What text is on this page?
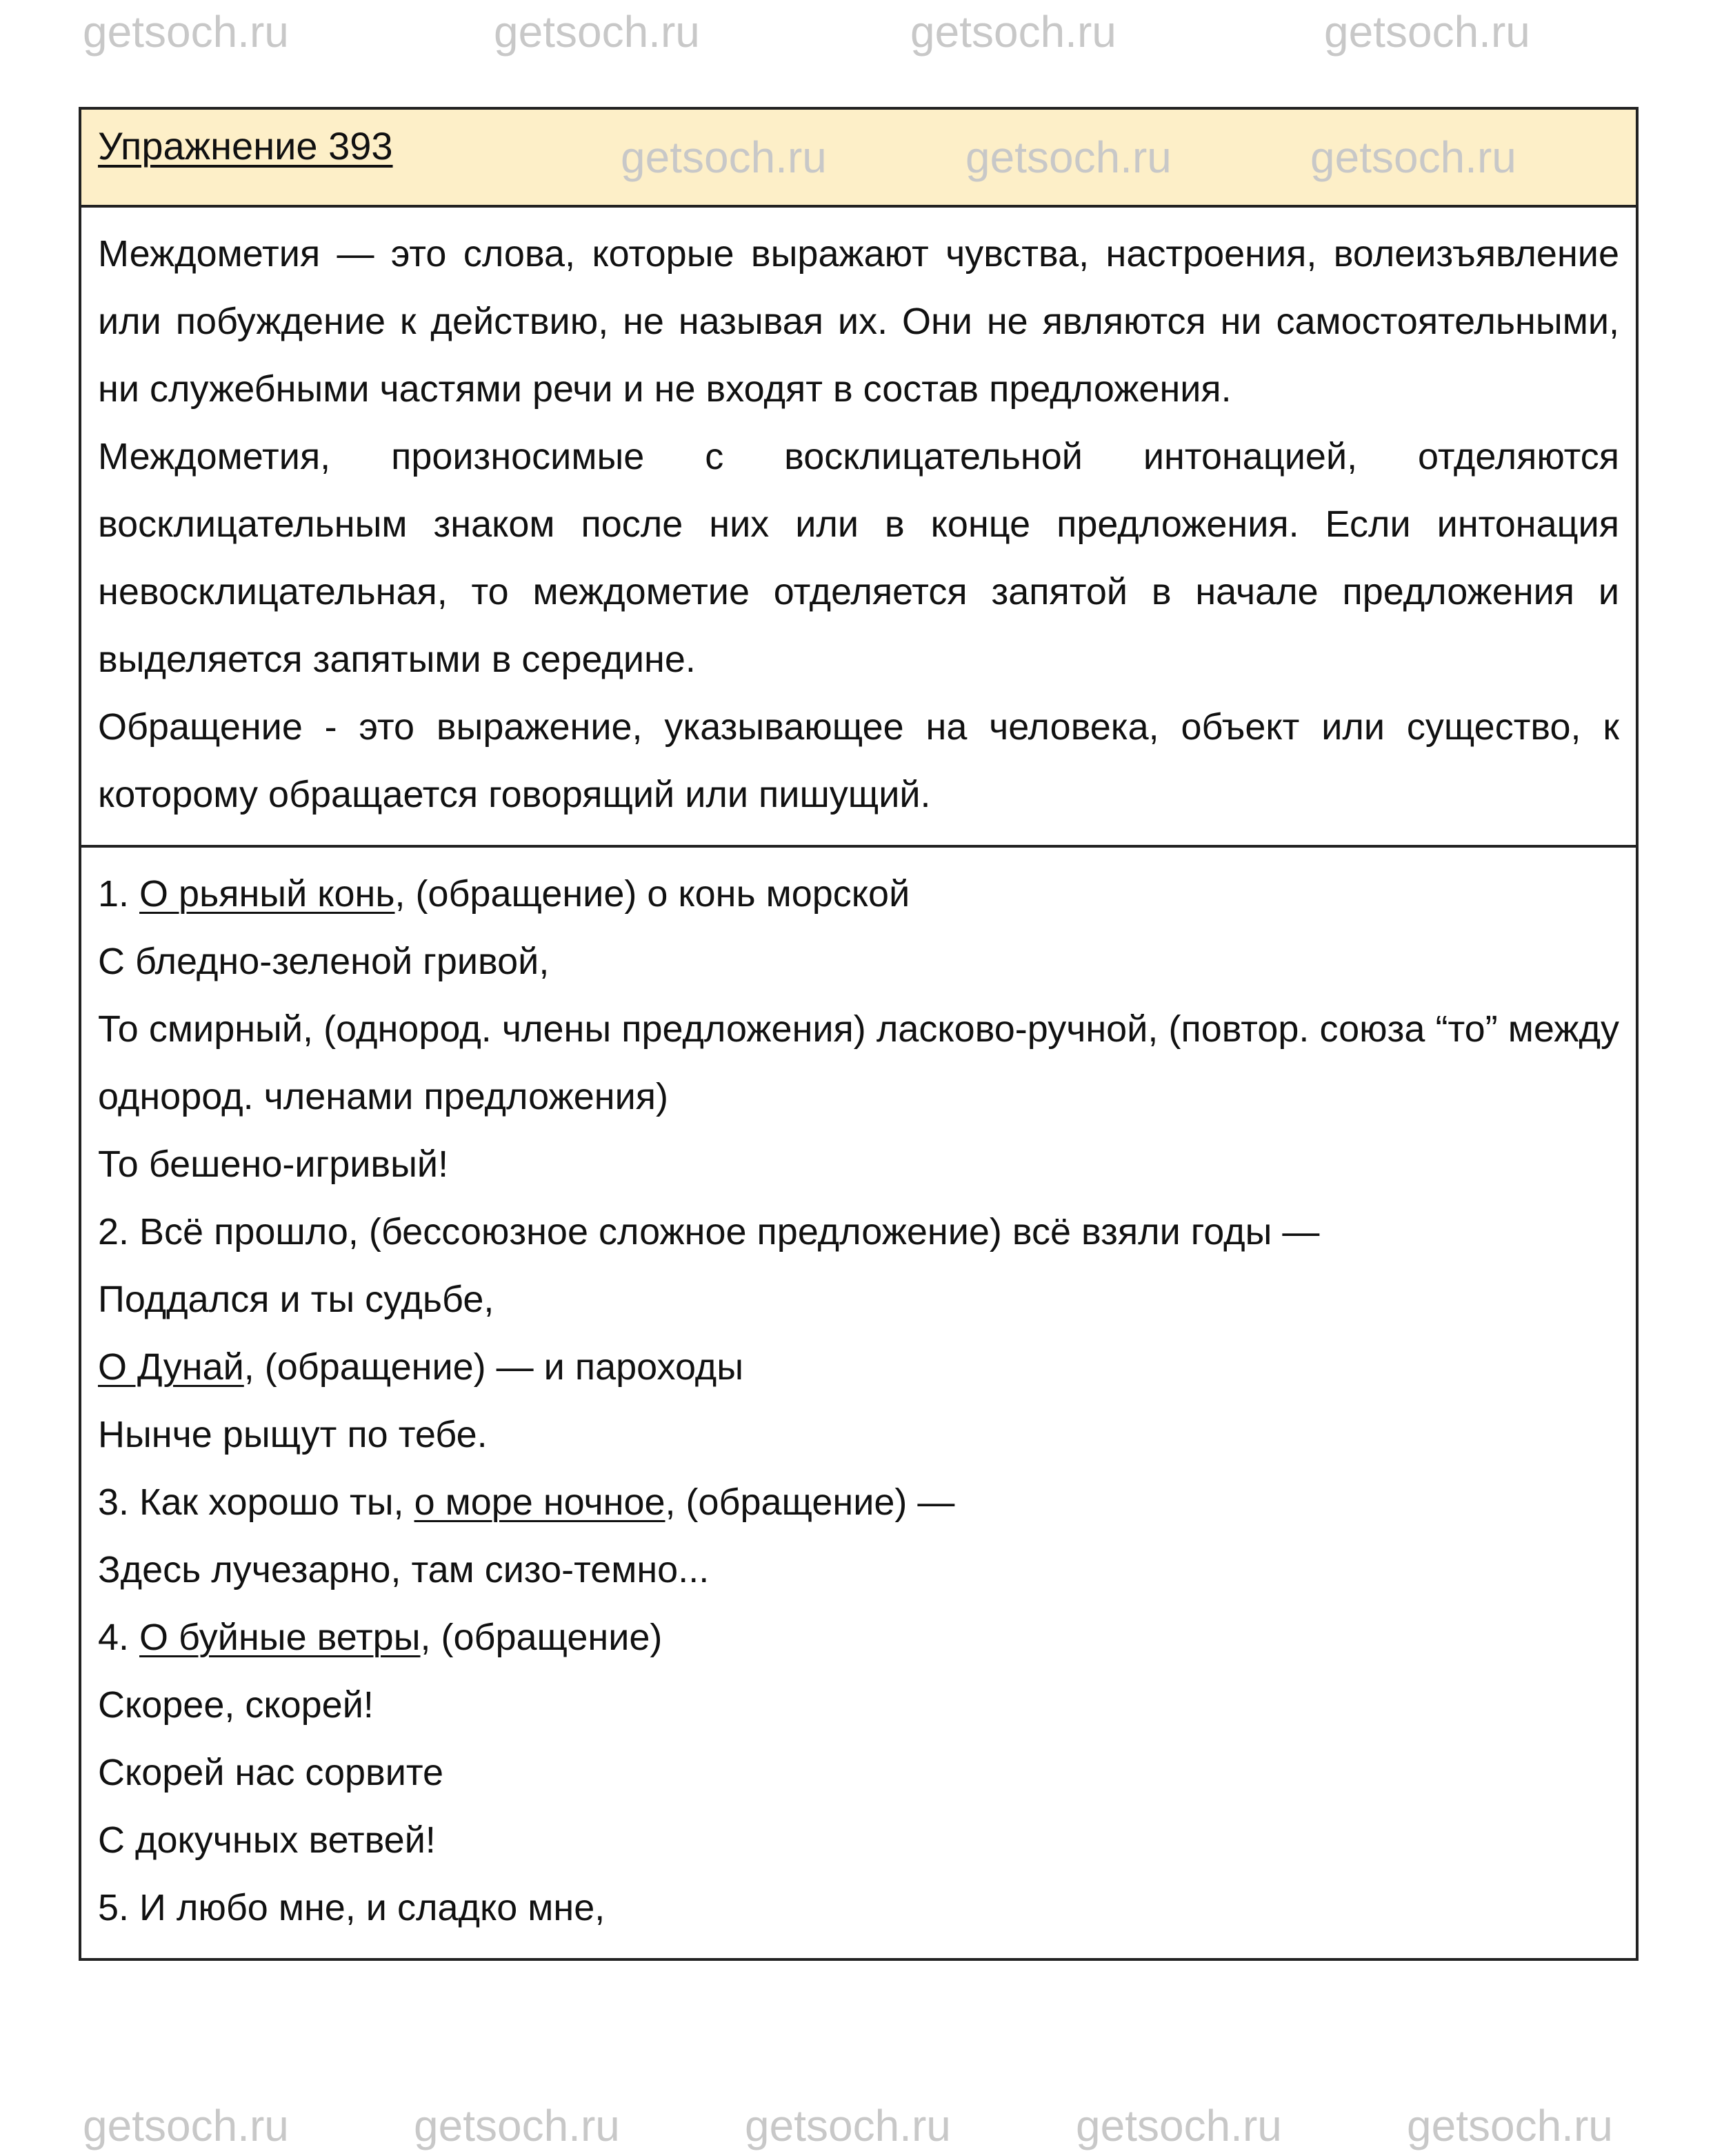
getsoch.ru
getsoch.ru	getsoch.ru	getsoch.ru
getsoch.ru	getsoch.ru	getsoch.ru
getsoch.ru	getsoch.ru	getsoch.ru	getsoch.ru	getsoch.ru
Упражнение 393

Междометия — это слова, которые выражают чувства, настроения, волеизъявление или побуждение к действию, не называя их. Они не являются ни самостоятельными, ни служебными частями речи и не входят в состав предложения.

Междометия, произносимые с восклицательной интонацией, отделяются восклицательным знаком после них или в конце предложения. Если интонация невосклицательная, то междометие отделяется запятой в начале предложения и выделяется запятыми в середине.

Обращение - это выражение, указывающее на человека, объект или существо, к которому обращается говорящий или пишущий.

1. О рьяный конь, (обращение) о конь морской

С бледно-зеленой гривой,

То смирный, (однород. члены предложения) ласково-ручной, (повтор. союза “то” между однород. членами предложения)

То бешено-игривый!

2. Всё прошло, (бессоюзное сложное предложение) всё взяли годы —

Поддался и ты судьбе,

О Дунай, (обращение) — и пароходы

Нынче рыщут по тебе.

3. Как хорошо ты, о море ночное, (обращение) —

Здесь лучезарно, там сизо-темно...

4. О буйные ветры, (обращение)

Скорее, скорей!

Скорей нас сорвите

С докучных ветвей!

5. И любо мне, и сладко мне,
